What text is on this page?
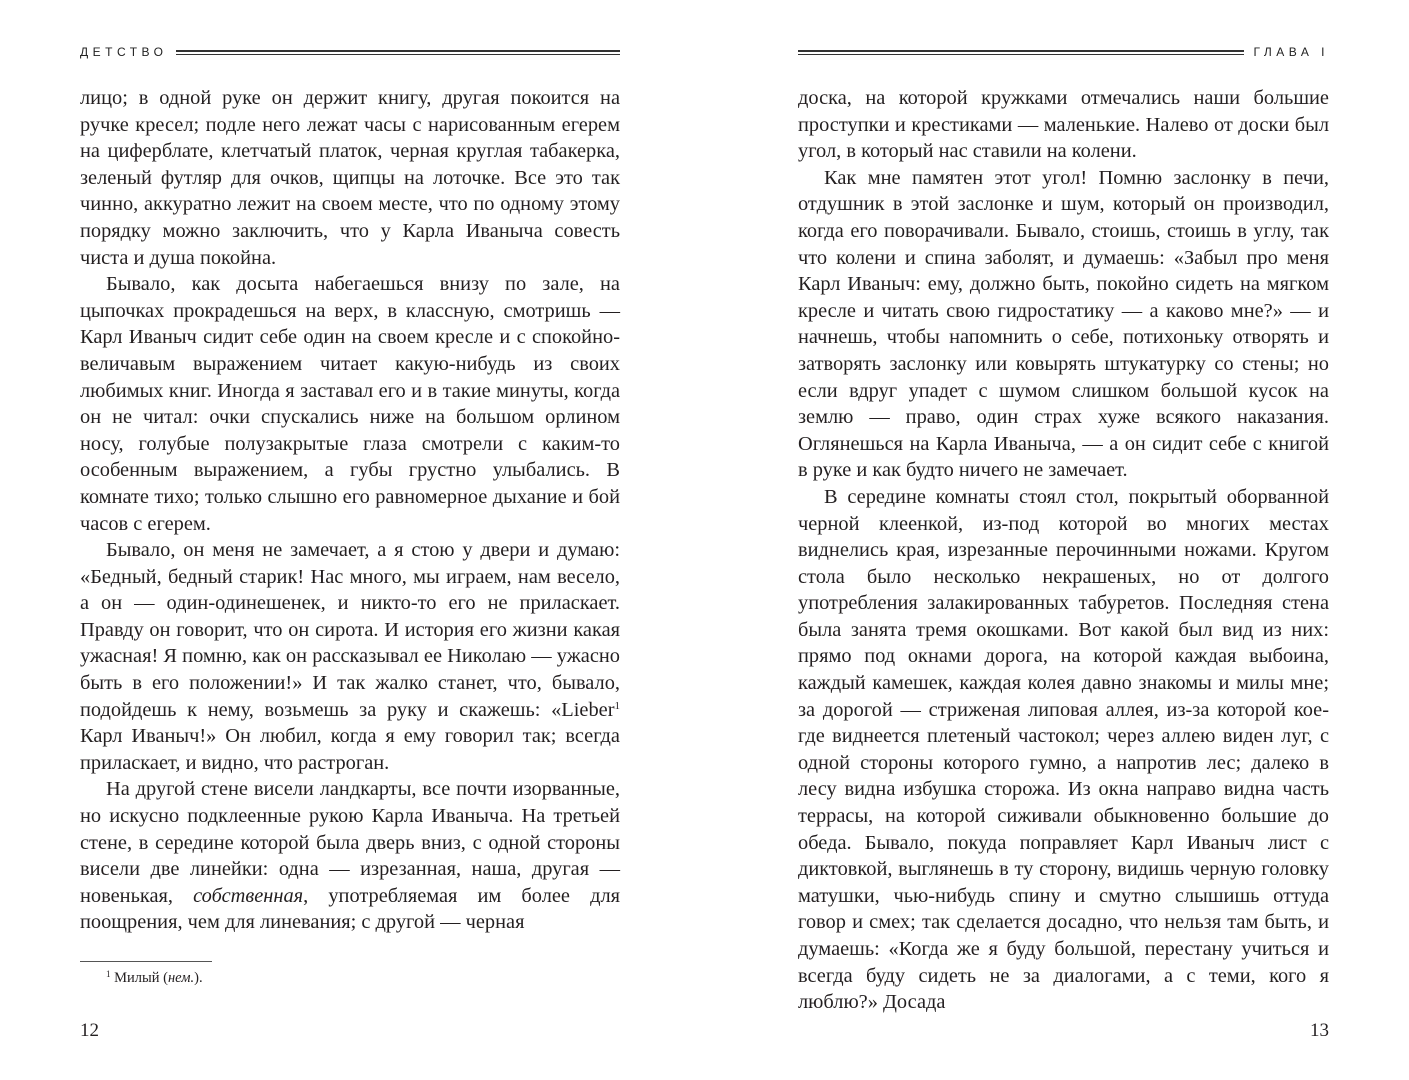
ДЕТСТВО

лицо; в одной руке он держит книгу, другая покоится на ручке кресел; подле него лежат часы с нарисованным егерем на циферблате, клетчатый платок, черная круглая табакерка, зеленый футляр для очков, щипцы на лоточке. Все это так чинно, аккуратно лежит на своем месте, что по одному этому порядку можно заключить, что у Карла Иваныча совесть чиста и душа покойна.

Бывало, как досыта набегаешься внизу по зале, на цыпочках прокрадешься на верх, в классную, смотришь — Карл Иваныч сидит себе один на своем кресле и с спокойно-величавым выражением читает какую-нибудь из своих любимых книг. Иногда я заставал его и в такие минуты, когда он не читал: очки спускались ниже на большом орлином носу, голубые полузакрытые глаза смотрели с каким-то особенным выражением, а губы грустно улыбались. В комнате тихо; только слышно его равномерное дыхание и бой часов с егерем.

Бывало, он меня не замечает, а я стою у двери и думаю: «Бедный, бедный старик! Нас много, мы играем, нам весело, а он — один-одинешенек, и никто-то его не приласкает. Правду он говорит, что он сирота. И история его жизни какая ужасная! Я помню, как он рассказывал ее Николаю — ужасно быть в его положении!» И так жалко станет, что, бывало, подойдешь к нему, возьмешь за руку и скажешь: «Lieber$^1$ Карл Иваныч!» Он любил, когда я ему говорил так; всегда приласкает, и видно, что растроган.

На другой стене висели ландкарты, все почти изорванные, но искусно подклеенные рукою Карла Иваныча. На третьей стене, в середине которой была дверь вниз, с одной стороны висели две линейки: одна — изрезанная, наша, другая — новенькая, собственная, употребляемая им более для поощрения, чем для линевания; с другой — черная

$^1$ Милый (нем.).
12
ГЛАВА I

доска, на которой кружками отмечались наши большие проступки и крестиками — маленькие. Налево от доски был угол, в который нас ставили на колени.

Как мне памятен этот угол! Помню заслонку в печи, отдушник в этой заслонке и шум, который он производил, когда его поворачивали. Бывало, стоишь, стоишь в углу, так что колени и спина заболят, и думаешь: «Забыл про меня Карл Иваныч: ему, должно быть, покойно сидеть на мягком кресле и читать свою гидростатику — а каково мне?» — и начнешь, чтобы напомнить о себе, потихоньку отворять и затворять заслонку или ковырять штукатурку со стены; но если вдруг упадет с шумом слишком большой кусок на землю — право, один страх хуже всякого наказания. Оглянешься на Карла Иваныча, — а он сидит себе с книгой в руке и как будто ничего не замечает.

В середине комнаты стоял стол, покрытый оборванной черной клеенкой, из-под которой во многих местах виднелись края, изрезанные перочинными ножами. Кругом стола было несколько некрашеных, но от долгого употребления залакированных табуретов. Последняя стена была занята тремя окошками. Вот какой был вид из них: прямо под окнами дорога, на которой каждая выбоина, каждый камешек, каждая колея давно знакомы и милы мне; за дорогой — стриженая липовая аллея, из-за которой кое-где виднеется плетеный частокол; через аллею виден луг, с одной стороны которого гумно, а напротив лес; далеко в лесу видна избушка сторожа. Из окна направо видна часть террасы, на которой сиживали обыкновенно большие до обеда. Бывало, покуда поправляет Карл Иваныч лист с диктовкой, выглянешь в ту сторону, видишь черную головку матушки, чью-нибудь спину и смутно слышишь оттуда говор и смех; так сделается досадно, что нельзя там быть, и думаешь: «Когда же я буду большой, перестану учиться и всегда буду сидеть не за диалогами, а с теми, кого я люблю?» Досада

13
